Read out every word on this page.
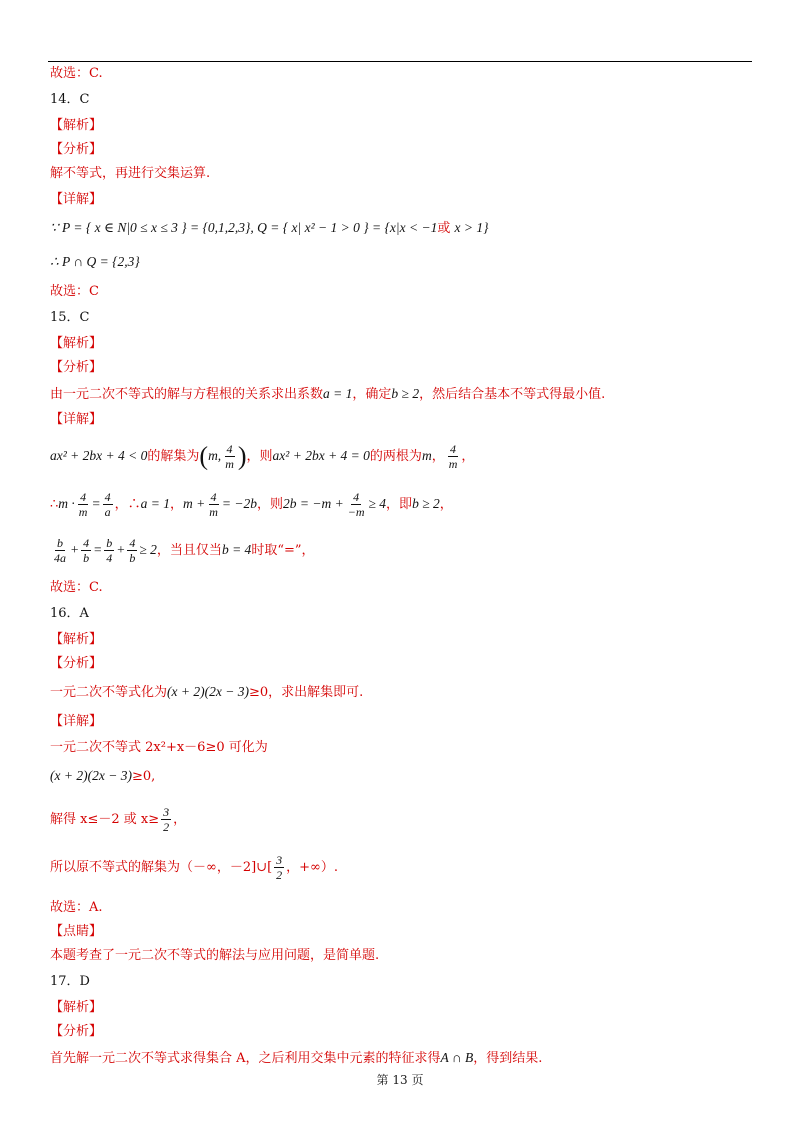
故选：C.
14．C
【解析】
【分析】
解不等式，再进行交集运算.
【详解】
∵ P = { x ∈ N|0 ≤ x ≤ 3 } = {0,1,2,3}, Q = { x| x² − 1 > 0 } = {x|x < −1或 x > 1}
∴ P ∩ Q = {2,3}
故选：C
15．C
【解析】
【分析】
由一元二次不等式的解与方程根的关系求出系数a = 1，确定b ≥ 2，然后结合基本不等式得最小值.
【详解】
ax² + 2bx + 4 < 0的解集为(m, $\frac{4}{m}$ )，则ax² + 2bx + 4 = 0的两根为m， $\frac{4}{m}$ ，
∴m · $\frac{4}{m} = \frac{4}{a}$ ，∴a = 1，$m + \frac{4}{m} = -2b$，则$2b = -m + \frac{4}{-m} \ge 4$，即b ≥ 2，
$\frac{b}{4a} + \frac{4}{b} = \frac{b}{4} + \frac{4}{b} \ge 2$，当且仅当b = 4时取“=”，
故选：C.
16．A
【解析】
【分析】
一元二次不等式化为(x + 2)(2x − 3)≥0，求出解集即可.
【详解】
一元二次不等式 2x²+x－6≥0 可化为
(x + 2)(2x − 3)≥0,
解得 x≤－2 或 $x\ge \frac{3}{2}$ ，
所以原不等式的解集为（－∞，－2]∪[ $\frac{3}{2}$ ，+∞）.
故选：A.
【点睛】
本题考查了一元二次不等式的解法与应用问题，是简单题.
17．D
【解析】
【分析】
首先解一元二次不等式求得集合 A，之后利用交集中元素的特征求得A ∩ B，得到结果.
第 13 页
